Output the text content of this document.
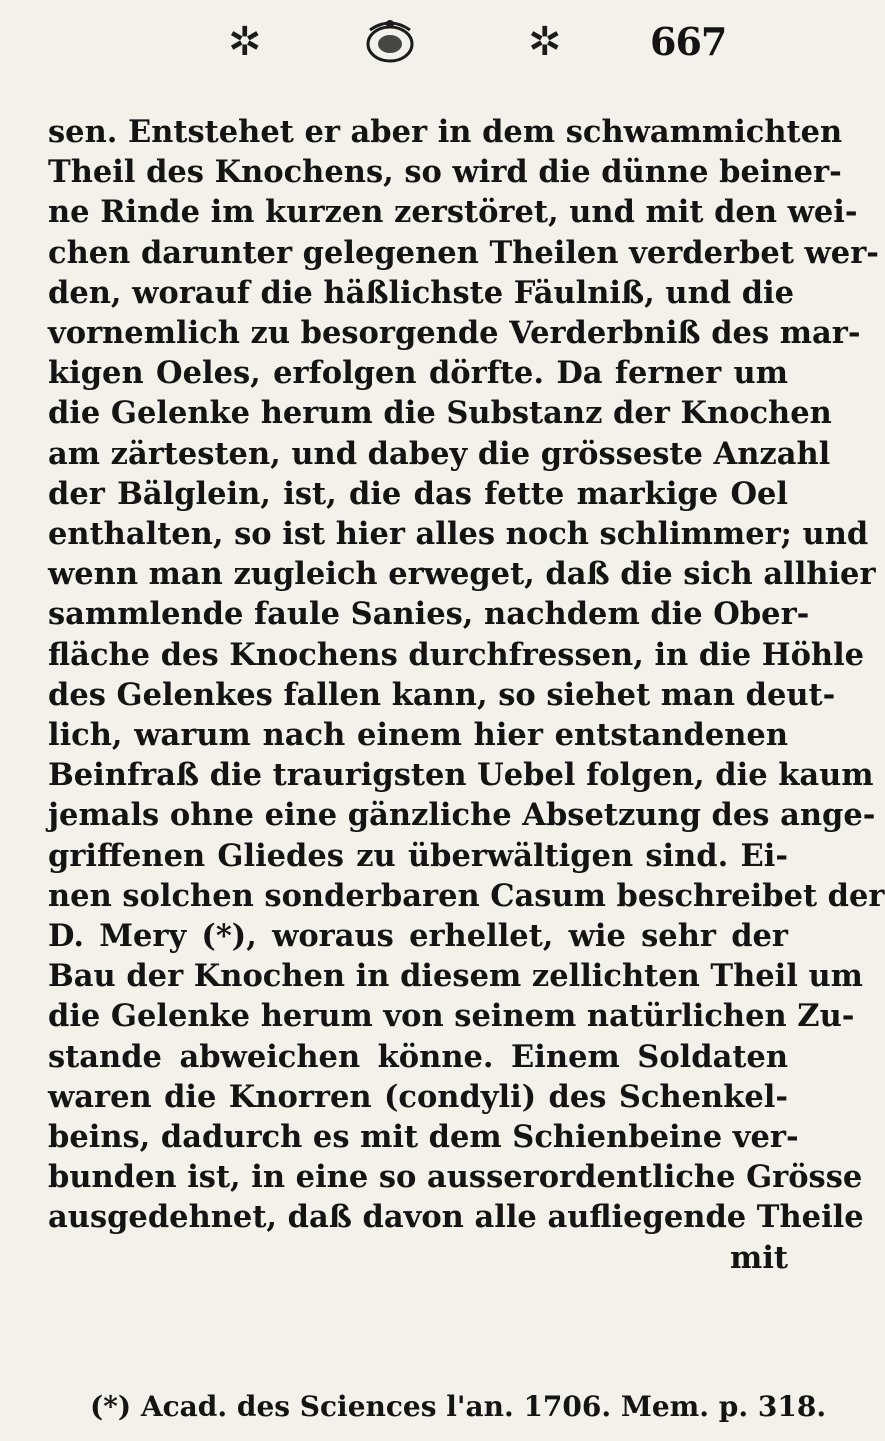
✲	✲ 667
sen. Entstehet er aber in dem schwammichten
Theil des Knochens, so wird die dünne beiner-
ne Rinde im kurzen zerstöret, und mit den wei-
chen darunter gelegenen Theilen verderbet wer-
den, worauf die häßlichste Fäulniß, und die
vornemlich zu besorgende Verderbniß des mar-
kigen Oeles, erfolgen dörfte. Da ferner um
die Gelenke herum die Substanz der Knochen
am zärtesten, und dabey die grösseste Anzahl
der Bälglein, ist, die das fette markige Oel
enthalten, so ist hier alles noch schlimmer; und
wenn man zugleich erweget, daß die sich allhier
sammlende faule Sanies, nachdem die Ober-
fläche des Knochens durchfressen, in die Höhle
des Gelenkes fallen kann, so siehet man deut-
lich, warum nach einem hier entstandenen
Beinfraß die traurigsten Uebel folgen, die kaum
jemals ohne eine gänzliche Absetzung des ange-
griffenen Gliedes zu überwältigen sind. Ei-
nen solchen sonderbaren Casum beschreibet der
D. Mery (*), woraus erhellet, wie sehr der
Bau der Knochen in diesem zellichten Theil um
die Gelenke herum von seinem natürlichen Zu-
stande abweichen könne. Einem Soldaten
waren die Knorren (condyli) des Schenkel-
beins, dadurch es mit dem Schienbeine ver-
bunden ist, in eine so ausserordentliche Grösse
ausgedehnet, daß davon alle aufliegende Theile
mit
(*) Acad. des Sciences l'an. 1706. Mem. p. 318.
